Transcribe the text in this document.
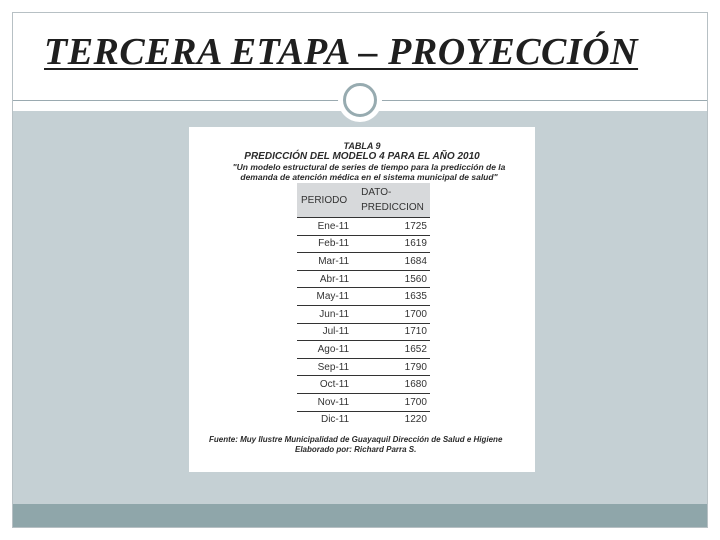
TERCERA ETAPA – PROYECCIÓN

TABLA 9

PREDICCIÓN DEL MODELO 4 PARA EL AÑO 2010

"Un modelo estructural de series de tiempo para la predicción de la demanda de atención médica en el sistema municipal de salud"

PERIODO	DATO-PREDICCION
Ene-11	1725
Feb-11	1619
Mar-11	1684
Abr-11	1560
May-11	1635
Jun-11	1700
Jul-11	1710
Ago-11	1652
Sep-11	1790
Oct-11	1680
Nov-11	1700
Dic-11	1220

Fuente: Muy Ilustre Municipalidad de Guayaquil Dirección de Salud e Higiene
Elaborado por: Richard Parra S.
